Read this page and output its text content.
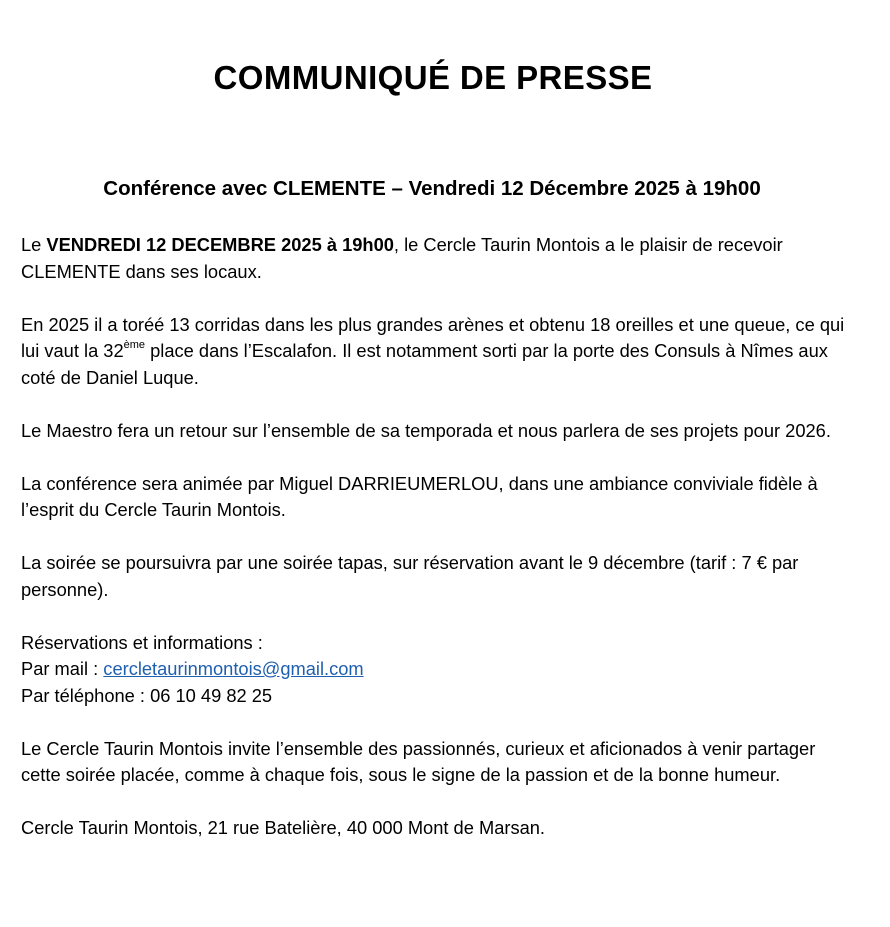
COMMUNIQUÉ DE PRESSE
Conférence avec CLEMENTE – Vendredi 12 Décembre 2025 à 19h00

Le VENDREDI 12 DECEMBRE 2025 à 19h00, le Cercle Taurin Montois a le plaisir de recevoir CLEMENTE dans ses locaux.

En 2025 il a toréé 13 corridas dans les plus grandes arènes et obtenu 18 oreilles et une queue, ce qui lui vaut la 32ème place dans l’Escalafon. Il est notamment sorti par la porte des Consuls à Nîmes aux coté de Daniel Luque.

Le Maestro fera un retour sur l’ensemble de sa temporada et nous parlera de ses projets pour 2026.

La conférence sera animée par Miguel DARRIEUMERLOU, dans une ambiance conviviale fidèle à l’esprit du Cercle Taurin Montois.

La soirée se poursuivra par une soirée tapas, sur réservation avant le 9 décembre (tarif : 7 € par personne).

Réservations et informations :
Par mail : cercletaurinmontois@gmail.com
Par téléphone : 06 10 49 82 25

Le Cercle Taurin Montois invite l’ensemble des passionnés, curieux et aficionados à venir partager cette soirée placée, comme à chaque fois, sous le signe de la passion et de la bonne humeur.

Cercle Taurin Montois, 21 rue Batelière, 40 000 Mont de Marsan.
